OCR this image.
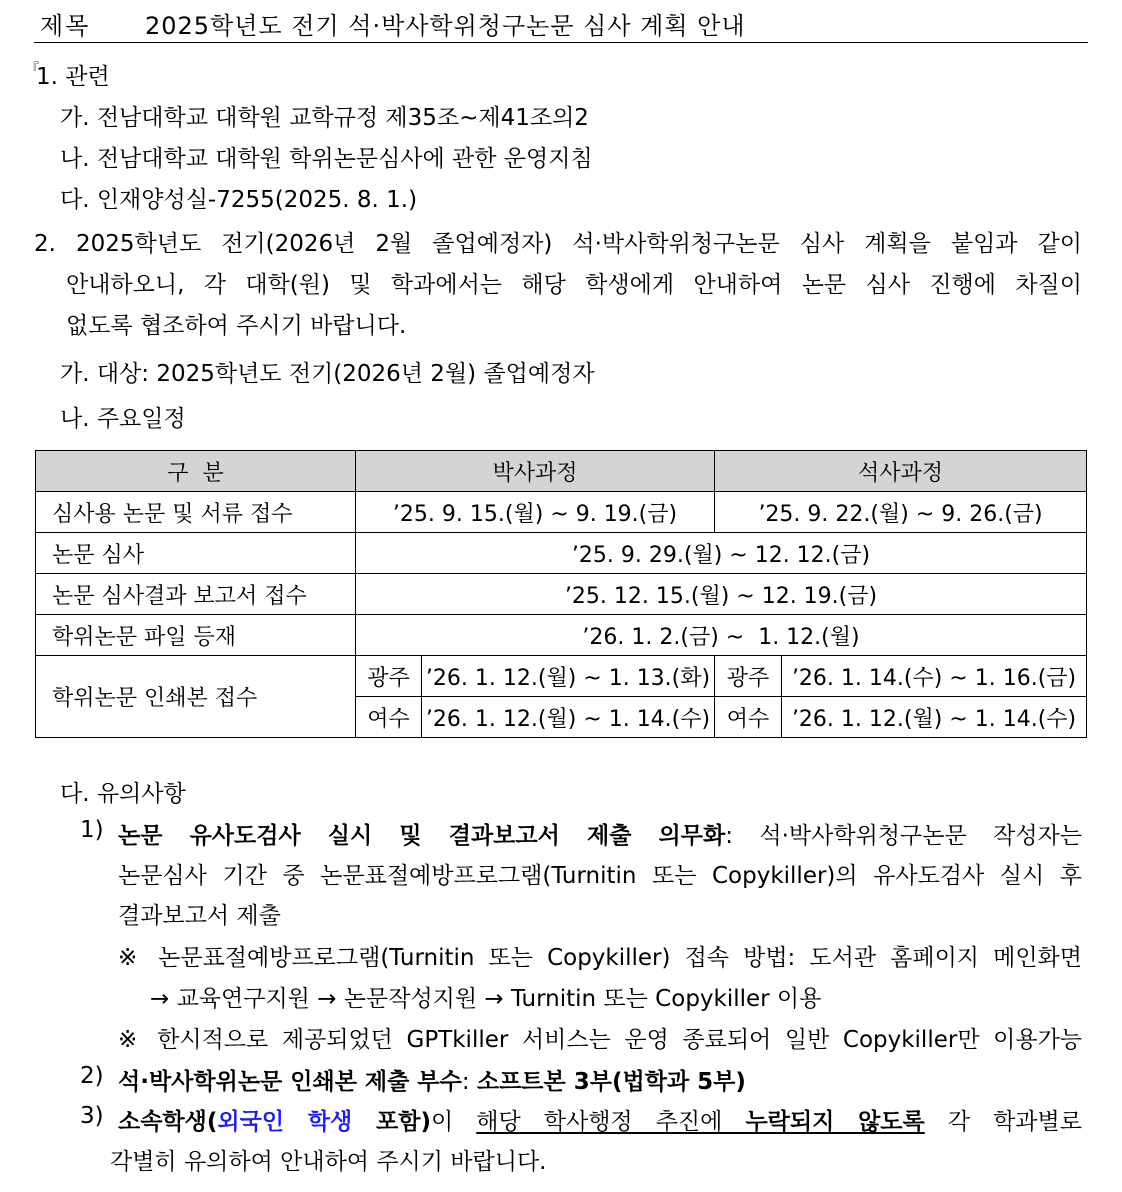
제목 2025학년도 전기 석·박사학위청구논문 심사 계획 안내
『
1. 관련
가. 전남대학교 대학원 교학규정 제35조~제41조의2
나. 전남대학교 대학원 학위논문심사에 관한 운영지침
다. 인재양성실-7255(2025. 8. 1.)
2. 2025학년도 전기(2026년 2월 졸업예정자) 석·박사학위청구논문 심사 계획을 붙임과 같이
안내하오니, 각 대학(원) 및 학과에서는 해당 학생에게 안내하여 논문 심사 진행에 차질이
없도록 협조하여 주시기 바랍니다.
가. 대상: 2025학년도 전기(2026년 2월) 졸업예정자
나. 주요일정
구  분	박사과정		석사과정	
심사용 논문 및 서류 접수	’25. 9. 15.(월) ~ 9. 19.(금)		’25. 9. 22.(월) ~ 9. 26.(금)	
논문 심사	’25. 9. 29.(월) ~ 12. 12.(금)			
논문 심사결과 보고서 접수	’25. 12. 15.(월) ~ 12. 19.(금)			
학위논문 파일 등재	’26. 1. 2.(금) ~  1. 12.(월)			
학위논문 인쇄본 접수	광주	’26. 1. 12.(월) ~ 1. 13.(화)	광주	’26. 1. 14.(수) ~ 1. 16.(금)
	여수	’26. 1. 12.(월) ~ 1. 14.(수)	여수	’26. 1. 12.(월) ~ 1. 14.(수)
다. 유의사항
1) 논문 유사도검사 실시 및 결과보고서 제출 의무화: 석·박사학위청구논문 작성자는
논문심사 기간 중 논문표절예방프로그램(Turnitin 또는 Copykiller)의 유사도검사 실시 후
결과보고서 제출
※ 논문표절예방프로그램(Turnitin 또는 Copykiller) 접속 방법: 도서관 홈페이지 메인화면
→ 교육연구지원 → 논문작성지원 → Turnitin 또는 Copykiller 이용
※ 한시적으로 제공되었던 GPTkiller 서비스는 운영 종료되어 일반 Copykiller만 이용가능
2) 석·박사학위논문 인쇄본 제출 부수: 소프트본 3부(법학과 5부)
3) 소속학생(외국인 학생 포함)이 해당 학사행정 추진에 누락되지 않도록 각 학과별로
각별히 유의하여 안내하여 주시기 바랍니다.
